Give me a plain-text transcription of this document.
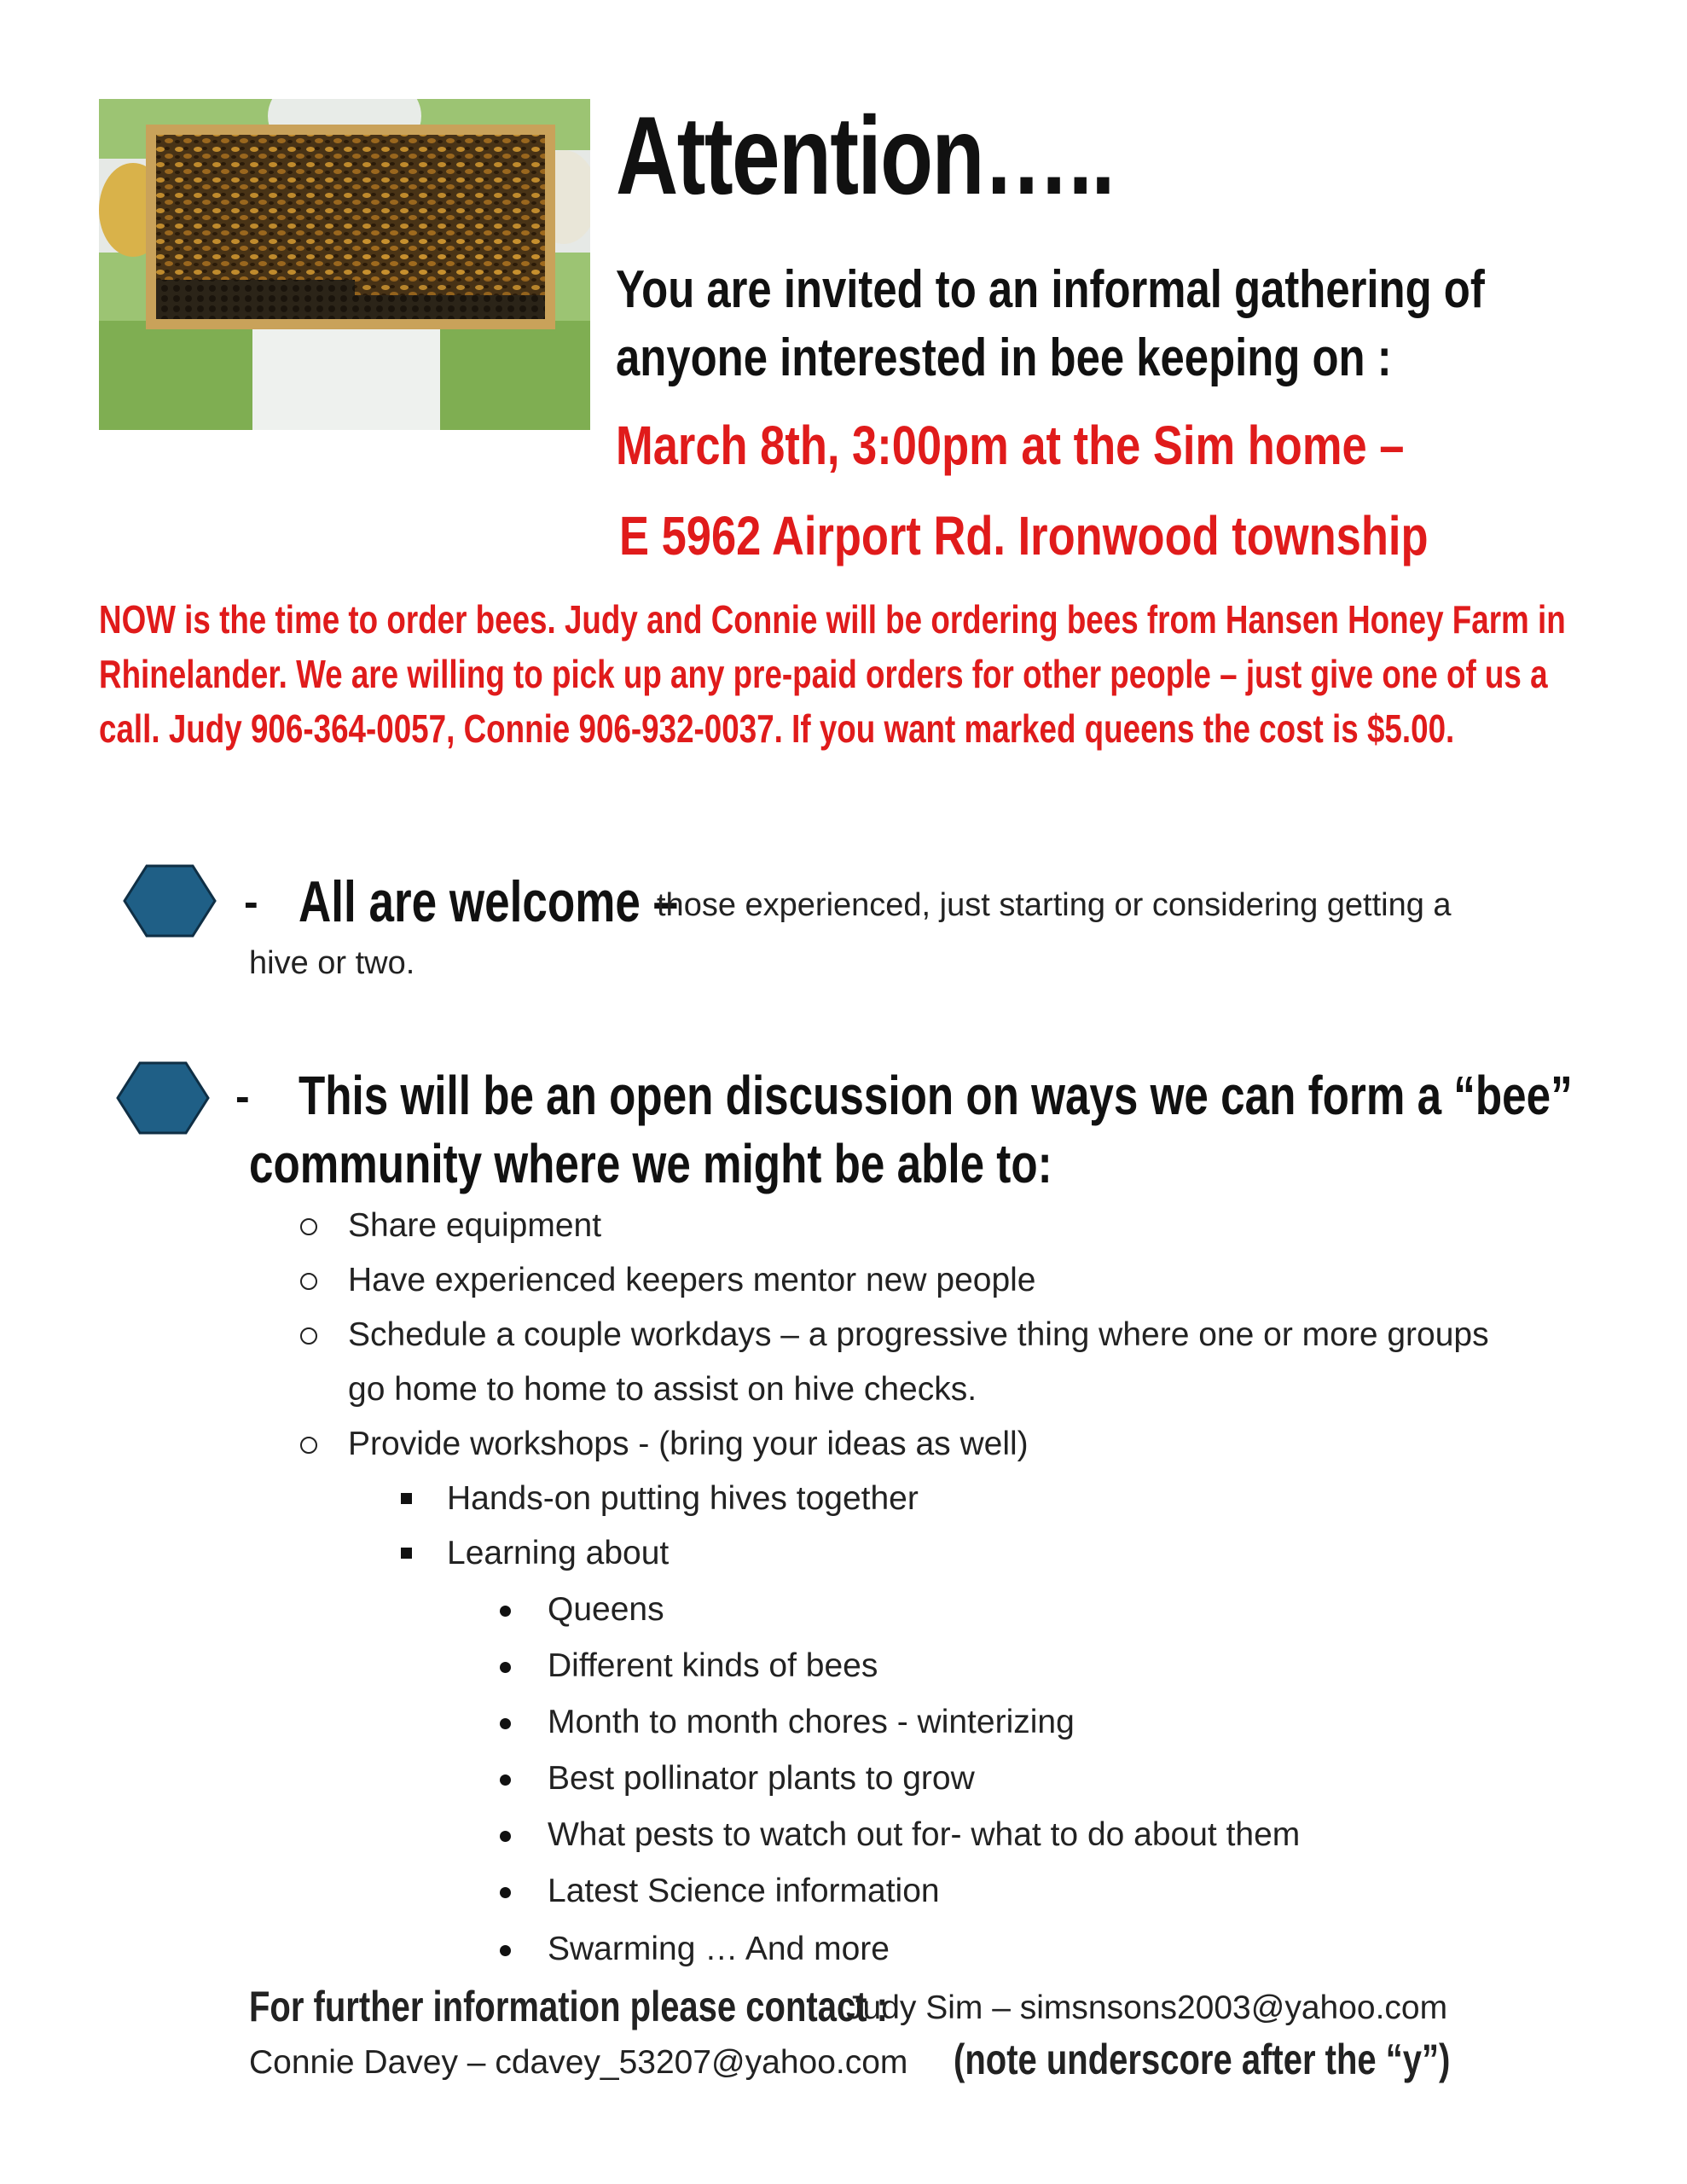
Attention…..
You are invited to an informal gathering of
anyone interested in bee keeping on :
March 8th, 3:00pm at the Sim home –
E 5962 Airport Rd. Ironwood township
NOW is the time to order bees. Judy and Connie will be ordering bees from Hansen Honey Farm in
Rhinelander. We are willing to pick up any pre-paid orders for other people – just give one of us a
call. Judy 906-364-0057, Connie 906-932-0037. If you want marked queens the cost is $5.00.
- All are welcome –
those experienced, just starting or considering getting a
hive or two.
- This will be an open discussion on ways we can form a “bee”
community where we might be able to:
Share equipment
Have experienced keepers mentor new people
Schedule a couple workdays – a progressive thing where one or more groups
go home to home to assist on hive checks.
Provide workshops - (bring your ideas as well)
Hands-on putting hives together
Learning about
Queens
Different kinds of bees
Month to month chores - winterizing
Best pollinator plants to grow
What pests to watch out for- what to do about them
Latest Science information
Swarming … And more
For further information please contact :
Judy Sim – simsnsons2003@yahoo.com
Connie Davey – cdavey_53207@yahoo.com (note underscore after the “y”)
